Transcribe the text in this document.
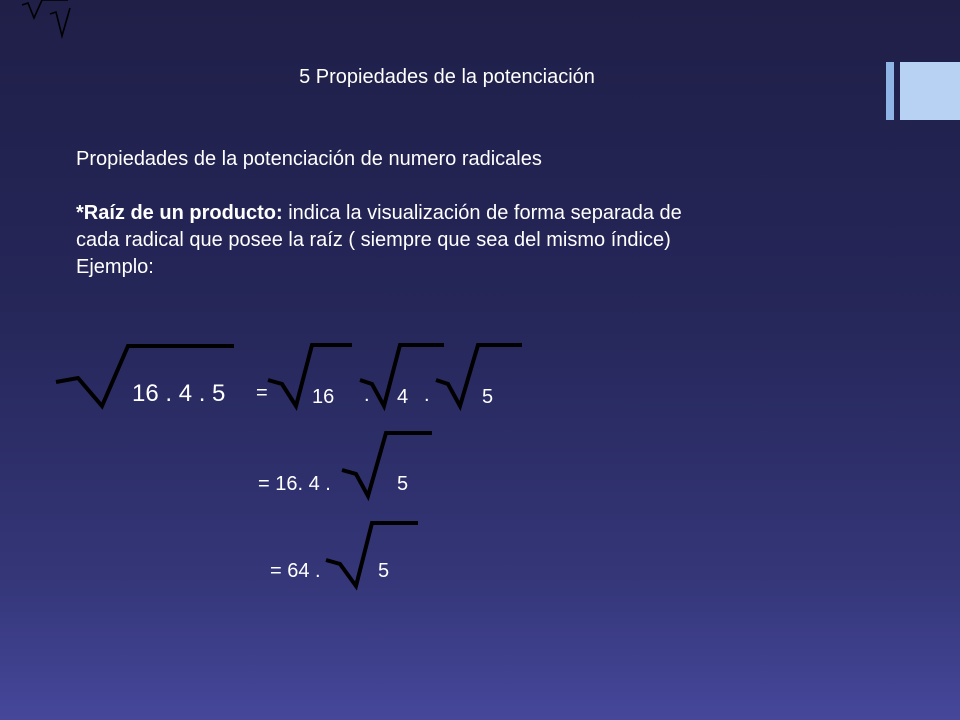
5 Propiedades de la potenciación

Propiedades de la potenciación de numero radicales

*Raíz de un producto: indica la visualización de forma separada de cada radical que posee la raíz ( siempre que sea del mismo índice)

Ejemplo:

16 . 4 . 5 = 16 . 4 .	5
= 16. 4 .	5
= 64 .	5
